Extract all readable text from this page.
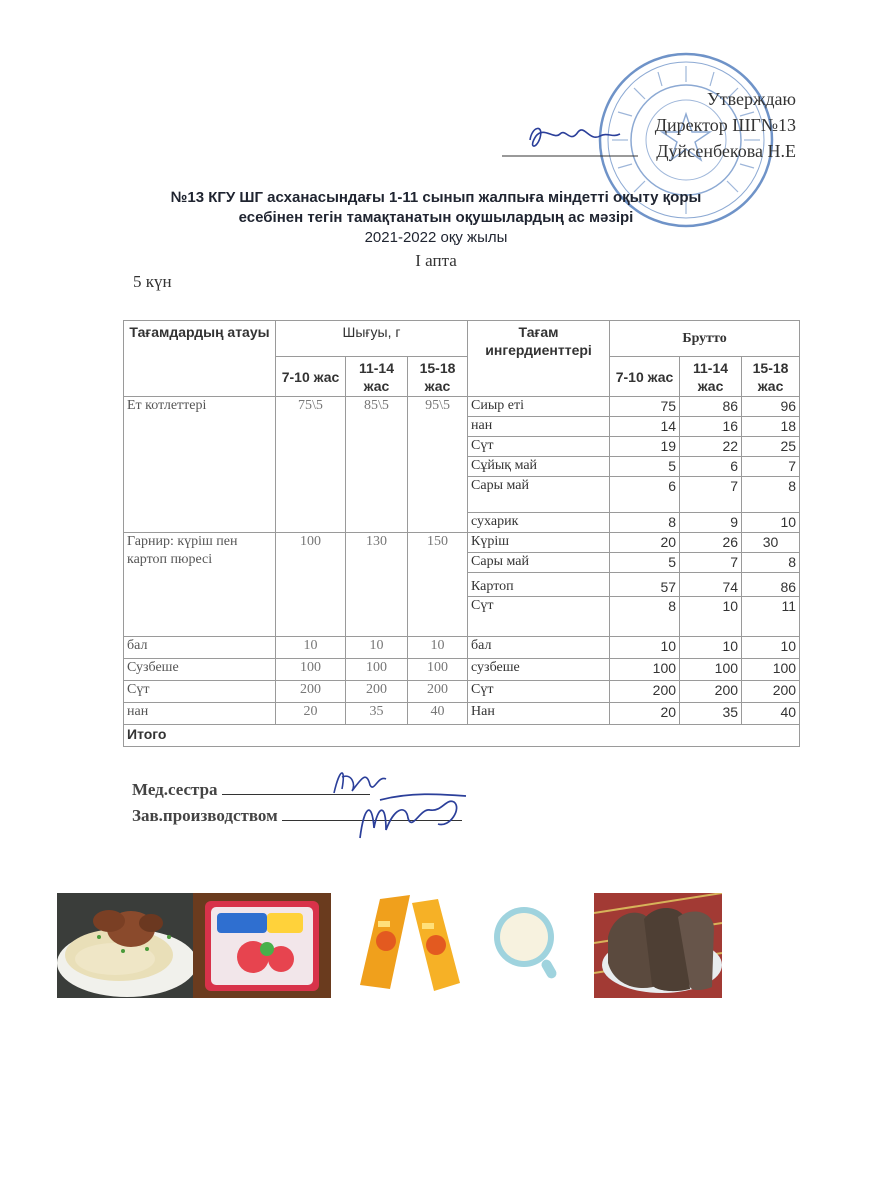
Утверждаю
Директор ШГ№13
Дуйсенбекова Н.Е
№13 КГУ ШГ асханасындағы 1-11 сынып жалпыға міндетті оқыту қоры
есебінен тегін тамақтанатын оқушылардың ас мәзірі
2021-2022 оқу жылы
I апта
5 күн
Тағамдардың атауы	Шығуы, г			Тағам ингердиенттері	Брутто		
	7-10 жас	11-14 жас	15-18 жас		7-10 жас	11-14 жас	15-18 жас
Ет котлеттері	75\5	85\5	95\5	Сиыр еті	75	86	96
				нан	14	16	18
				Сүт	19	22	25
				Сұйық май	5	6	7
				Сары май	6	7	8
				сухарик	8	9	10
Гарнир: күріш пен картоп пюресі	100	130	150	Күріш	20	26	30
				Сары май	5	7	8
				Картоп	57	74	86
				Сүт	8	10	11
бал	10	10	10	бал	10	10	10
Сузбеше	100	100	100	сузбеше	100	100	100
Сүт	200	200	200	Сүт	200	200	200
нан	20	35	40	Нан	20	35	40
Итого							
Мед.сестра
Зав.производством
